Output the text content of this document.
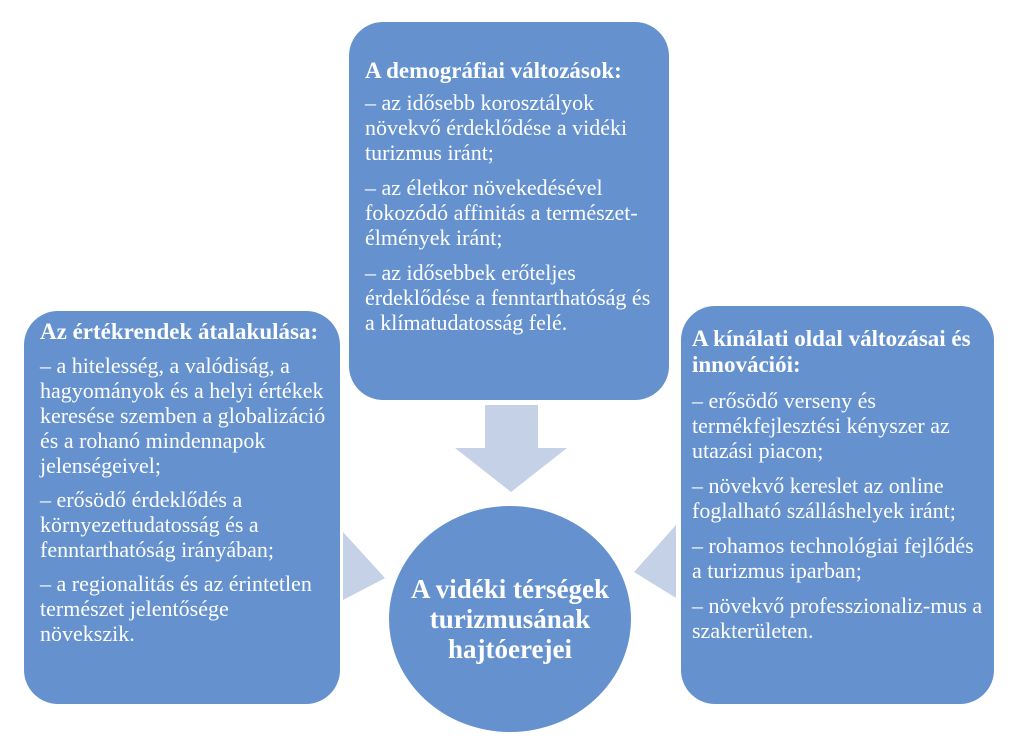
A demográfiai változások:

– az idősebb korosztályok növekvő érdeklődése a vidéki turizmus iránt;

– az életkor növekedésével fokozódó affinitás a természet-élmények iránt;

– az idősebbek erőteljes érdeklődése a fenntarthatóság és a klímatudatosság felé.

Az értékrendek átalakulása:

– a hitelesség, a valódiság, a hagyományok és a helyi értékek keresése szemben a globalizáció és a rohanó mindennapok jelenségeivel;

– erősödő érdeklődés a környezettudatosság és a fenntarthatóság irányában;

– a regionalitás és az érintetlen természet jelentősége növekszik.

A kínálati oldal változásai és innovációi:

– erősödő verseny és termékfejlesztési kényszer az utazási piacon;

– növekvő kereslet az online foglalható szálláshelyek iránt;

– rohamos technológiai fejlődés a turizmus iparban;

– növekvő professzionaliz-mus a szakterületen.

A vidéki térségek turizmusának hajtóerejei
